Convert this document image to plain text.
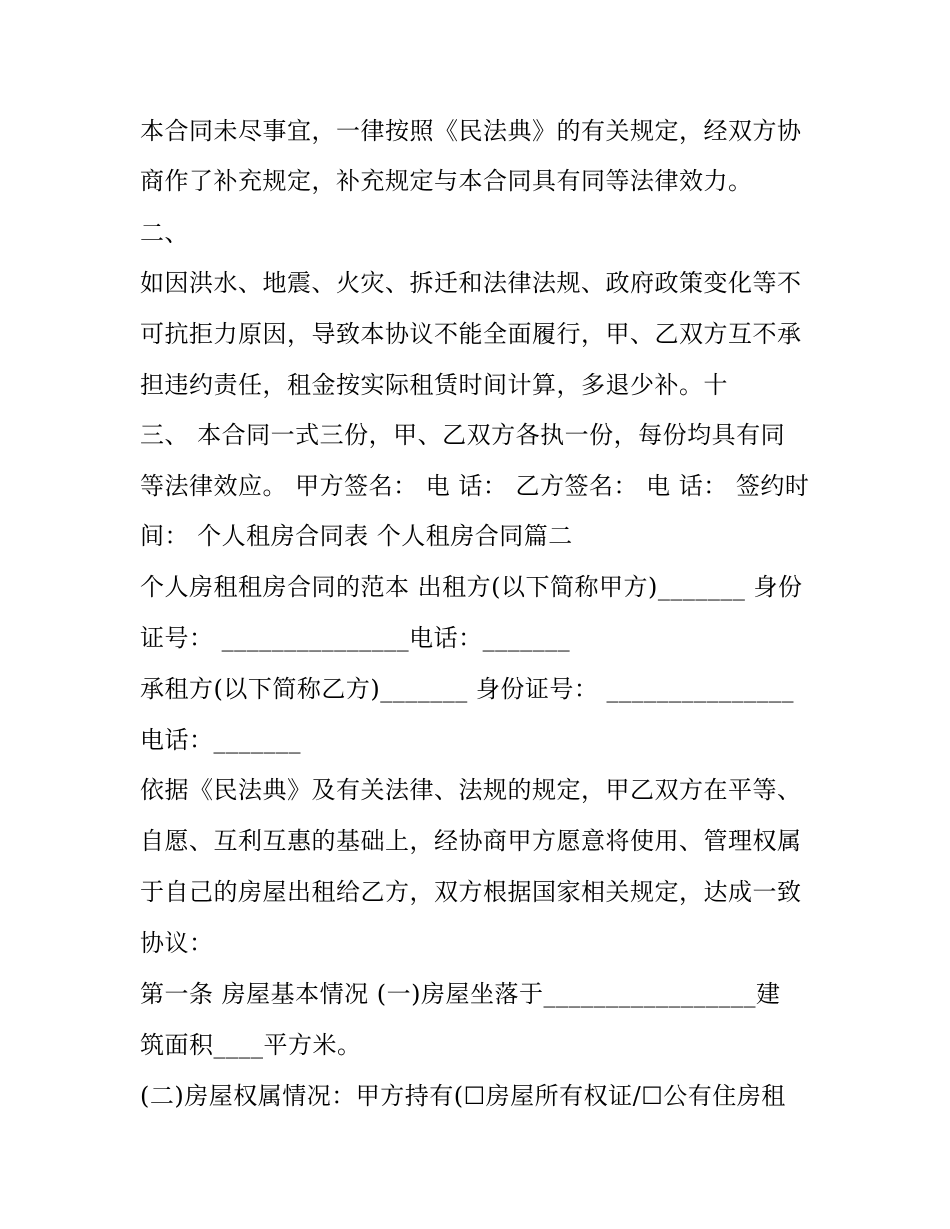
本合同未尽事宜，一律按照《民法典》的有关规定，经双方协
商作了补充规定，补充规定与本合同具有同等法律效力。
二、
如因洪水、地震、火灾、拆迁和法律法规、政府政策变化等不
可抗拒力原因，导致本协议不能全面履行，甲、乙双方互不承
担违约责任，租金按实际租赁时间计算，多退少补。十
三、 本合同一式三份，甲、乙双方各执一份，每份均具有同
等法律效应。 甲方签名： 电 话： 乙方签名： 电 话： 签约时
间： 个人租房合同表 个人租房合同篇二
个人房租租房合同的范本 出租方(以下简称甲方)_______ 身份
证号： _______________电话：_______
承租方(以下简称乙方)_______ 身份证号： _______________
电话：_______
依据《民法典》及有关法律、法规的规定，甲乙双方在平等、
自愿、互利互惠的基础上，经协商甲方愿意将使用、管理权属
于自己的房屋出租给乙方，双方根据国家相关规定，达成一致
协议：
第一条 房屋基本情况 (一)房屋坐落于_________________建
筑面积____平方米。
(二)房屋权属情况：甲方持有(☐房屋所有权证/☐公有住房租
